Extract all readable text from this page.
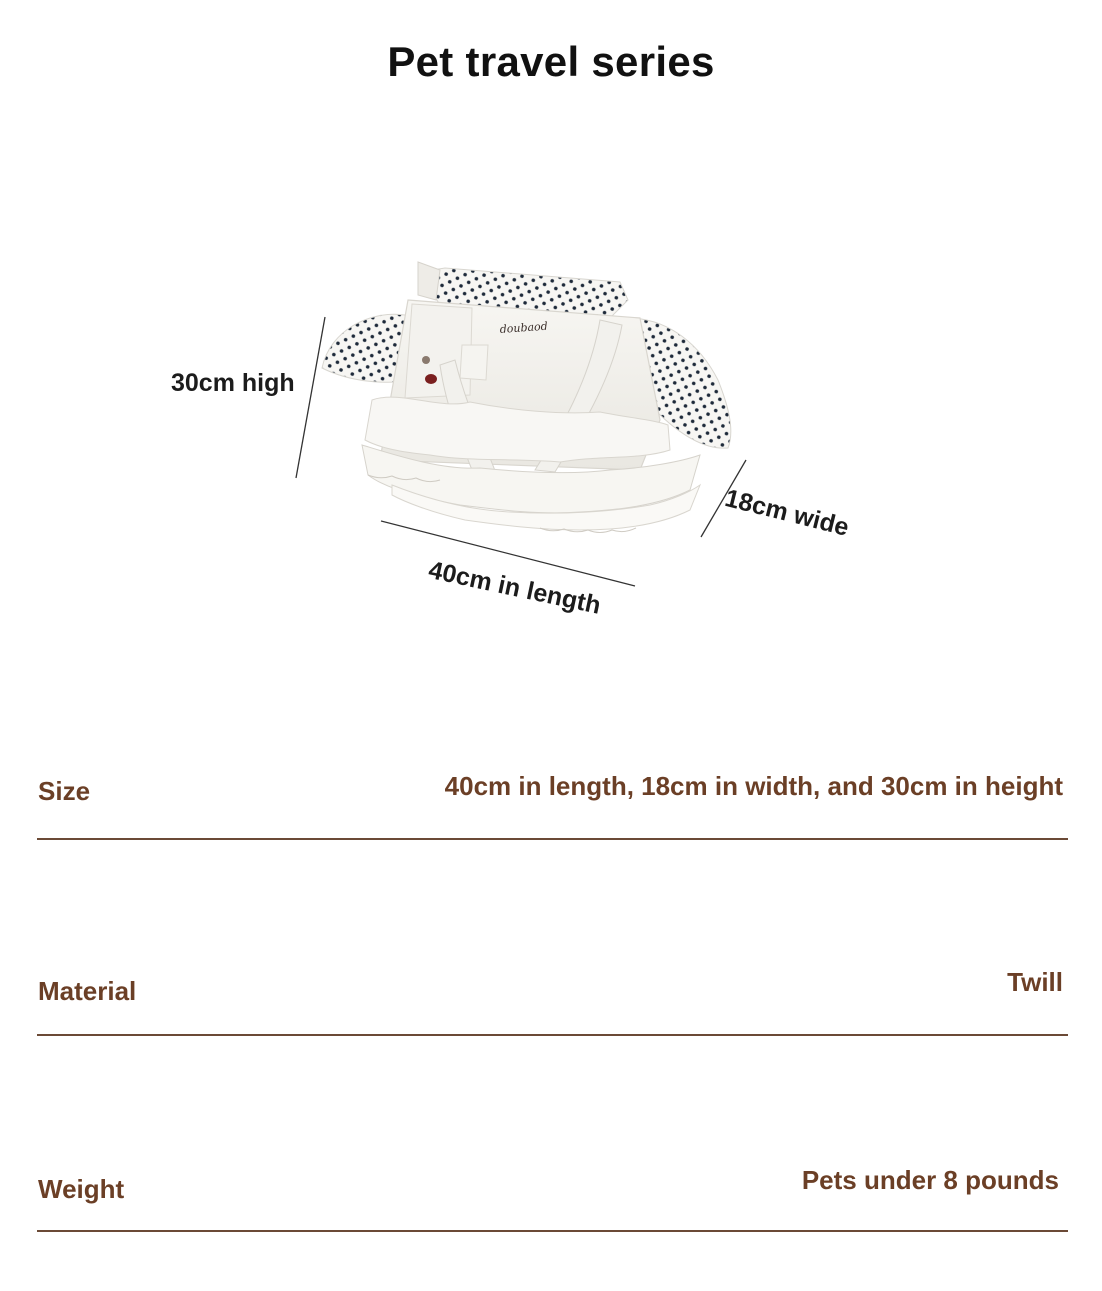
Pet travel series
doubaod
30cm high
18cm wide
40cm in length
Size	40cm in length, 18cm in width, and 30cm in height
Material	Twill
Weight	Pets under 8 pounds
